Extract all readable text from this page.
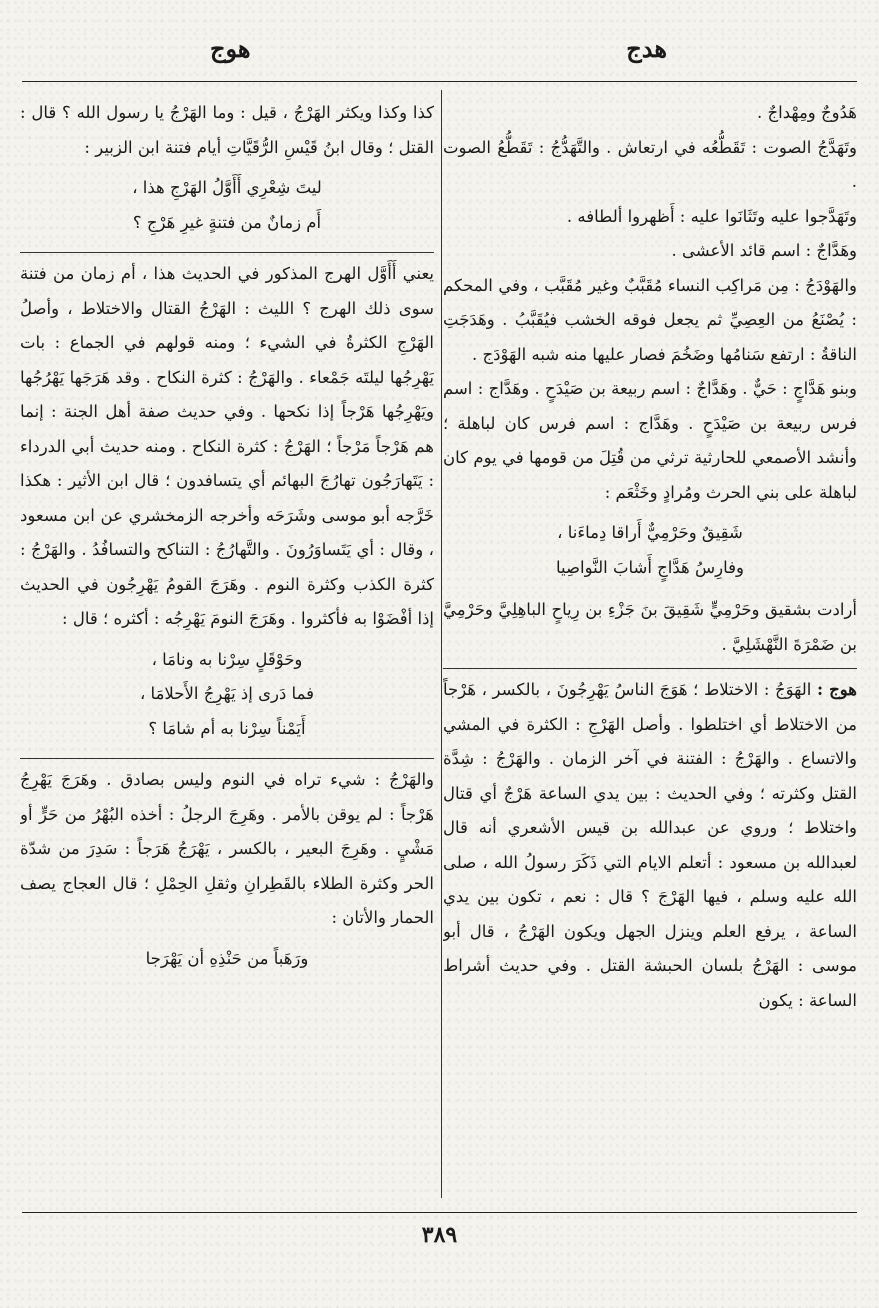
هدج
هوج

هَدُوجٌ ومِهْداجٌ .

وتَهَدَّجُ الصوت : تَقَطُّعُه في ارتعاش . والتَّهَدُّجُ : تَقَطُّعُ الصوت .

وتَهَدَّجوا عليه وتَثَانَوا عليه : أَظهروا ألطافه .

وهَدَّاجٌ : اسم قائد الأعشى .

والهَوْدَجُ : مِن مَراكِب النساء مُقَبَّبٌ وغير مُقَبَّب ، وفي المحكم : يُصْنَعُ من العِصِيِّ ثم يجعل فوقه الخشب فيُقَبَّبُ . وهَدَجَتِ الناقةُ : ارتفع سَنامُها وضَخُمَ فصار عليها منه شبه الهَوْدَج .

وبنو هَدَّاجٍ : حَيٌّ . وهَدَّاجٌ : اسم ربيعة بن صَيْدَحٍ . وهَدَّاج : اسم فرس ربيعة بن صَيْدَحٍ . وهَدَّاج : اسم فرس كان لباهلة ؛ وأنشد الأصمعي للحارثية ترثي من قُتِلَ من قومها في يوم كان لباهلة على بني الحرث ومُرادٍ وخَثْعَم :

شَقِيقٌ وحَرْمِيٌّ أَراقا دِماءَنا ،

وفارِسُ هَدَّاجٍ أَشابَ النَّواصِيا

أرادت بشقيق وحَرْمِيٍّ شَقِيقَ بنَ جَزْءِ بن رِياحٍ الباهِلِيَّ وحَرْمِيَّ بن ضَمْرَةَ النَّهْشَلِيَّ .

هوج : الهَوَجُ : الاختلاط ؛ هَوَجَ الناسُ يَهْرِجُونَ ، بالكسر ، هَرْجاً من الاختلاط أي اختلطوا . وأصل الهَرْجِ : الكثرة في المشي والاتساع . والهَرْجُ : الفتنة في آخر الزمان . والهَرْجُ : شِدَّة القتل وكثرته ؛ وفي الحديث : بين يدي الساعة هَرْجٌ أي قتال واختلاط ؛ وروي عن عبدالله بن قيس الأشعري أنه قال لعبدالله بن مسعود : أتعلم الايام التي ذَكَرَ رسولُ الله ، صلى الله عليه وسلم ، فيها الهَرْجَ ؟ قال : نعم ، تكون بين يدي الساعة ، يرفع العلم وينزل الجهل ويكون الهَرْجُ ، قال أبو موسى : الهَرْجُ بلسان الحبشة القتل . وفي حديث أشراط الساعة : يكون

كذا وكذا ويكثر الهَرْجُ ، قيل : وما الهَرْجُ يا رسول الله ؟ قال : القتل ؛ وقال ابنُ قَيْسِ الرُّقَيَّاتِ أيام فتنة ابن الزبير :

ليتَ شِعْرِي أَأَوَّلُ الهَرْجِ هذا ،

أَم زمانٌ من فتنةٍ غيرِ هَرْجِ ؟

يعني أَأَوَّل الهرج المذكور في الحديث هذا ، أم زمان من فتنة سوى ذلك الهرج ؟ الليث : الهَرْجُ القتال والاختلاط ، وأصلُ الهَرْجِ الكثرةُ في الشيء ؛ ومنه قولهم في الجماع : بات يَهْرِجُها ليلتَه جَمْعاء . والهَرْجُ : كثرة النكاح . وقد هَرَجَها يَهْرُجُها ويَهْرِجُها هَرْجاً إذا نكحها . وفي حديث صفة أهل الجنة : إنما هم هَرْجاً مَرْجاً ؛ الهَرْجُ : كثرة النكاح . ومنه حديث أبي الدرداء : يَتَهارَجُون تهارُجَ البهائم أي يتسافدون ؛ قال ابن الأثير : هكذا خَرَّجه أبو موسى وشَرَحَه وأخرجه الزمخشري عن ابن مسعود ، وقال : أي يَتَساوَرُونَ . والتَّهارُجُ : التناكح والتسافُدُ . والهَرْجُ : كثرة الكذب وكثرة النوم . وهَرَجَ القومُ يَهْرِجُون في الحديث إذا أفْضَوْا به فأكثروا . وهَرَجَ النومَ يَهْرِجُه : أكثره ؛ قال :

وحَوْقَلٍ سِرْنا به ونامَا ،

فما دَرى إذ يَهْرِجُ الأَحلامَا ،

أَيَمْناً سِرْنا به أم شامَا ؟

والهَرْجُ : شيء تراه في النوم وليس بصادق . وهَرَجَ يَهْرِجُ هَرْجاً : لم يوقن بالأمر . وهَرِجَ الرجلُ : أخذه البُهْرُ من حَرٍّ أو مَشْيٍ . وهَرِجَ البعير ، بالكسر ، يَهْرَجُ هَرَجاً : سَدِرَ من شدّة الحر وكثرة الطلاء بالقَطِرانِ وثقلِ الحِمْلِ ؛ قال العجاج يصف الحمار والأتان :

ورَهَباً من حَنْذِهِ أن يَهْرَجا

٣٨٩
